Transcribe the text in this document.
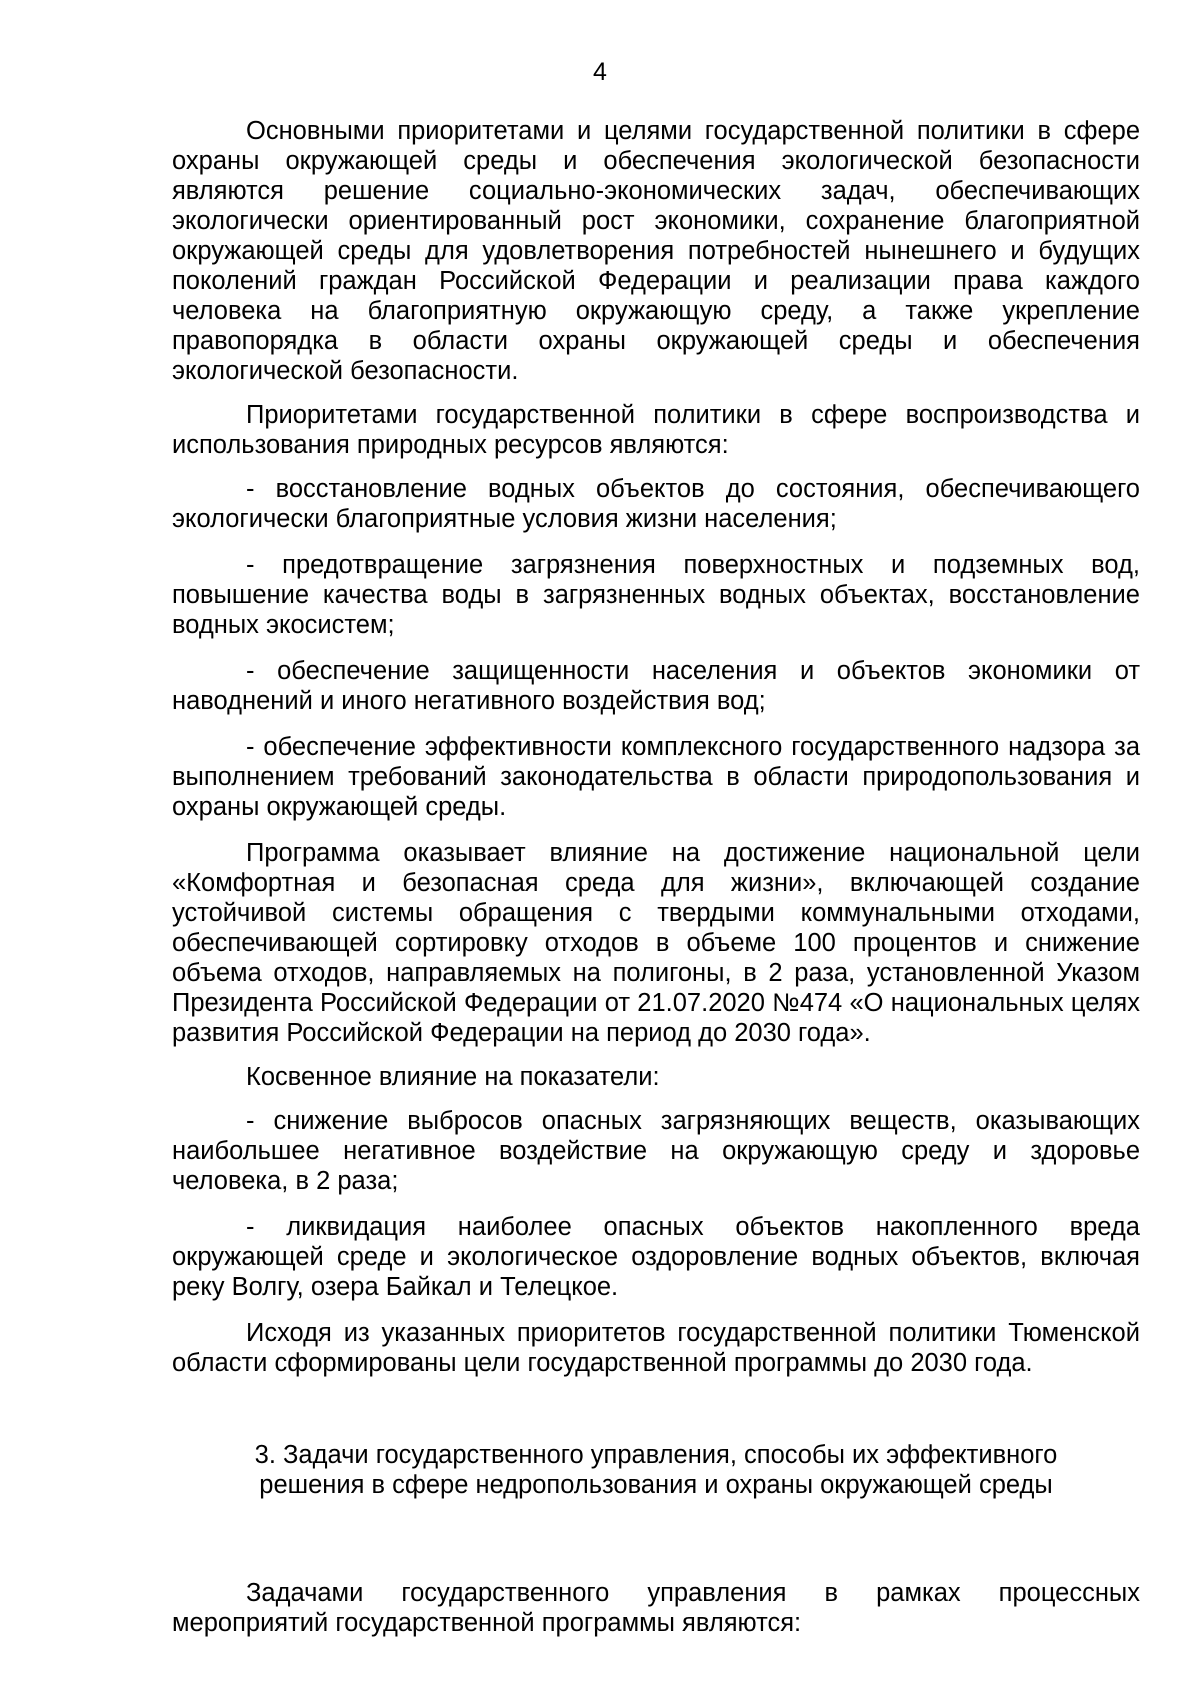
4

Основными приоритетами и целями государственной политики в сфере охраны окружающей среды и обеспечения экологической безопасности являются решение социально-экономических задач, обеспечивающих экологически ориентированный рост экономики, сохранение благоприятной окружающей среды для удовлетворения потребностей нынешнего и будущих поколений граждан Российской Федерации и реализации права каждого человека на благоприятную окружающую среду, а также укрепление правопорядка в области охраны окружающей среды и обеспечения экологической безопасности.

Приоритетами государственной политики в сфере воспроизводства и использования природных ресурсов являются:

- восстановление водных объектов до состояния, обеспечивающего экологически благоприятные условия жизни населения;

- предотвращение загрязнения поверхностных и подземных вод, повышение качества воды в загрязненных водных объектах, восстановление водных экосистем;

- обеспечение защищенности населения и объектов экономики от наводнений и иного негативного воздействия вод;

- обеспечение эффективности комплексного государственного надзора за выполнением требований законодательства в области природопользования и охраны окружающей среды.

Программа оказывает влияние на достижение национальной цели «Комфортная и безопасная среда для жизни», включающей создание устойчивой системы обращения с твердыми коммунальными отходами, обеспечивающей сортировку отходов в объеме 100 процентов и снижение объема отходов, направляемых на полигоны, в 2 раза, установленной Указом Президента Российской Федерации от 21.07.2020 №474 «О национальных целях развития Российской Федерации на период до 2030 года».

Косвенное влияние на показатели:

- снижение выбросов опасных загрязняющих веществ, оказывающих наибольшее негативное воздействие на окружающую среду и здоровье человека, в 2 раза;

- ликвидация наиболее опасных объектов накопленного вреда окружающей среде и экологическое оздоровление водных объектов, включая реку Волгу, озера Байкал и Телецкое.

Исходя из указанных приоритетов государственной политики Тюменской области сформированы цели государственной программы до 2030 года.

3. Задачи государственного управления, способы их эффективного решения в сфере недропользования и охраны окружающей среды

Задачами государственного управления в рамках процессных мероприятий государственной программы являются:
